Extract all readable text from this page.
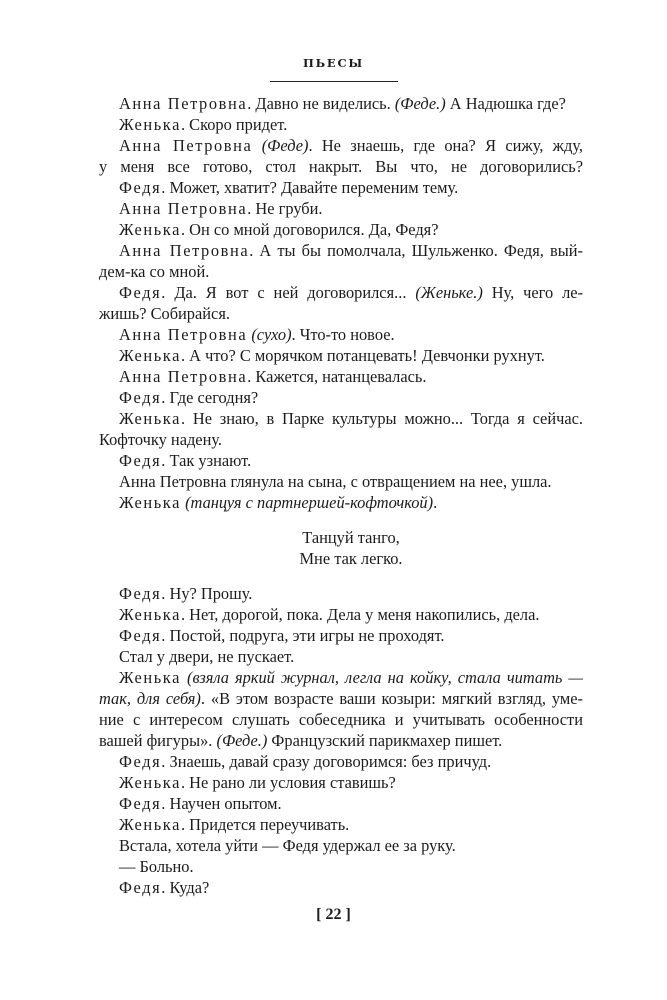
ПЬЕСЫ
Анна Петровна. Давно не виделись. (Феде.) А Надюшка где?
Женька. Скоро придет.
Анна Петровна (Феде). Не знаешь, где она? Я сижу, жду,
у меня все готово, стол накрыт. Вы что, не договорились?
Федя. Может, хватит? Давайте переменим тему.
Анна Петровна. Не груби.
Женька. Он со мной договорился. Да, Федя?
Анна Петровна. А ты бы помолчала, Шульженко. Федя, вый-
дем-ка со мной.
Федя. Да. Я вот с ней договорился... (Женьке.) Ну, чего ле-
жишь? Собирайся.
Анна Петровна (сухо). Что-то новое.
Женька. А что? С морячком потанцевать! Девчонки рухнут.
Анна Петровна. Кажется, натанцевалась.
Федя. Где сегодня?
Женька. Не знаю, в Парке культуры можно... Тогда я сейчас.
Кофточку надену.
Федя. Так узнают.
Анна Петровна глянула на сына, с отвращением на нее, ушла.
Женька (танцуя с партнершей-кофточкой).
Танцуй танго,
Мне так легко.
Федя. Ну? Прошу.
Женька. Нет, дорогой, пока. Дела у меня накопились, дела.
Федя. Постой, подруга, эти игры не проходят.
Стал у двери, не пускает.
Женька (взяла яркий журнал, легла на койку, стала читать —
так, для себя). «В этом возрасте ваши козыри: мягкий взгляд, уме-
ние с интересом слушать собеседника и учитывать особенности
вашей фигуры». (Феде.) Французский парикмахер пишет.
Федя. Знаешь, давай сразу договоримся: без причуд.
Женька. Не рано ли условия ставишь?
Федя. Научен опытом.
Женька. Придется переучивать.
Встала, хотела уйти — Федя удержал ее за руку.
— Больно.
Федя. Куда?
[ 22 ]
